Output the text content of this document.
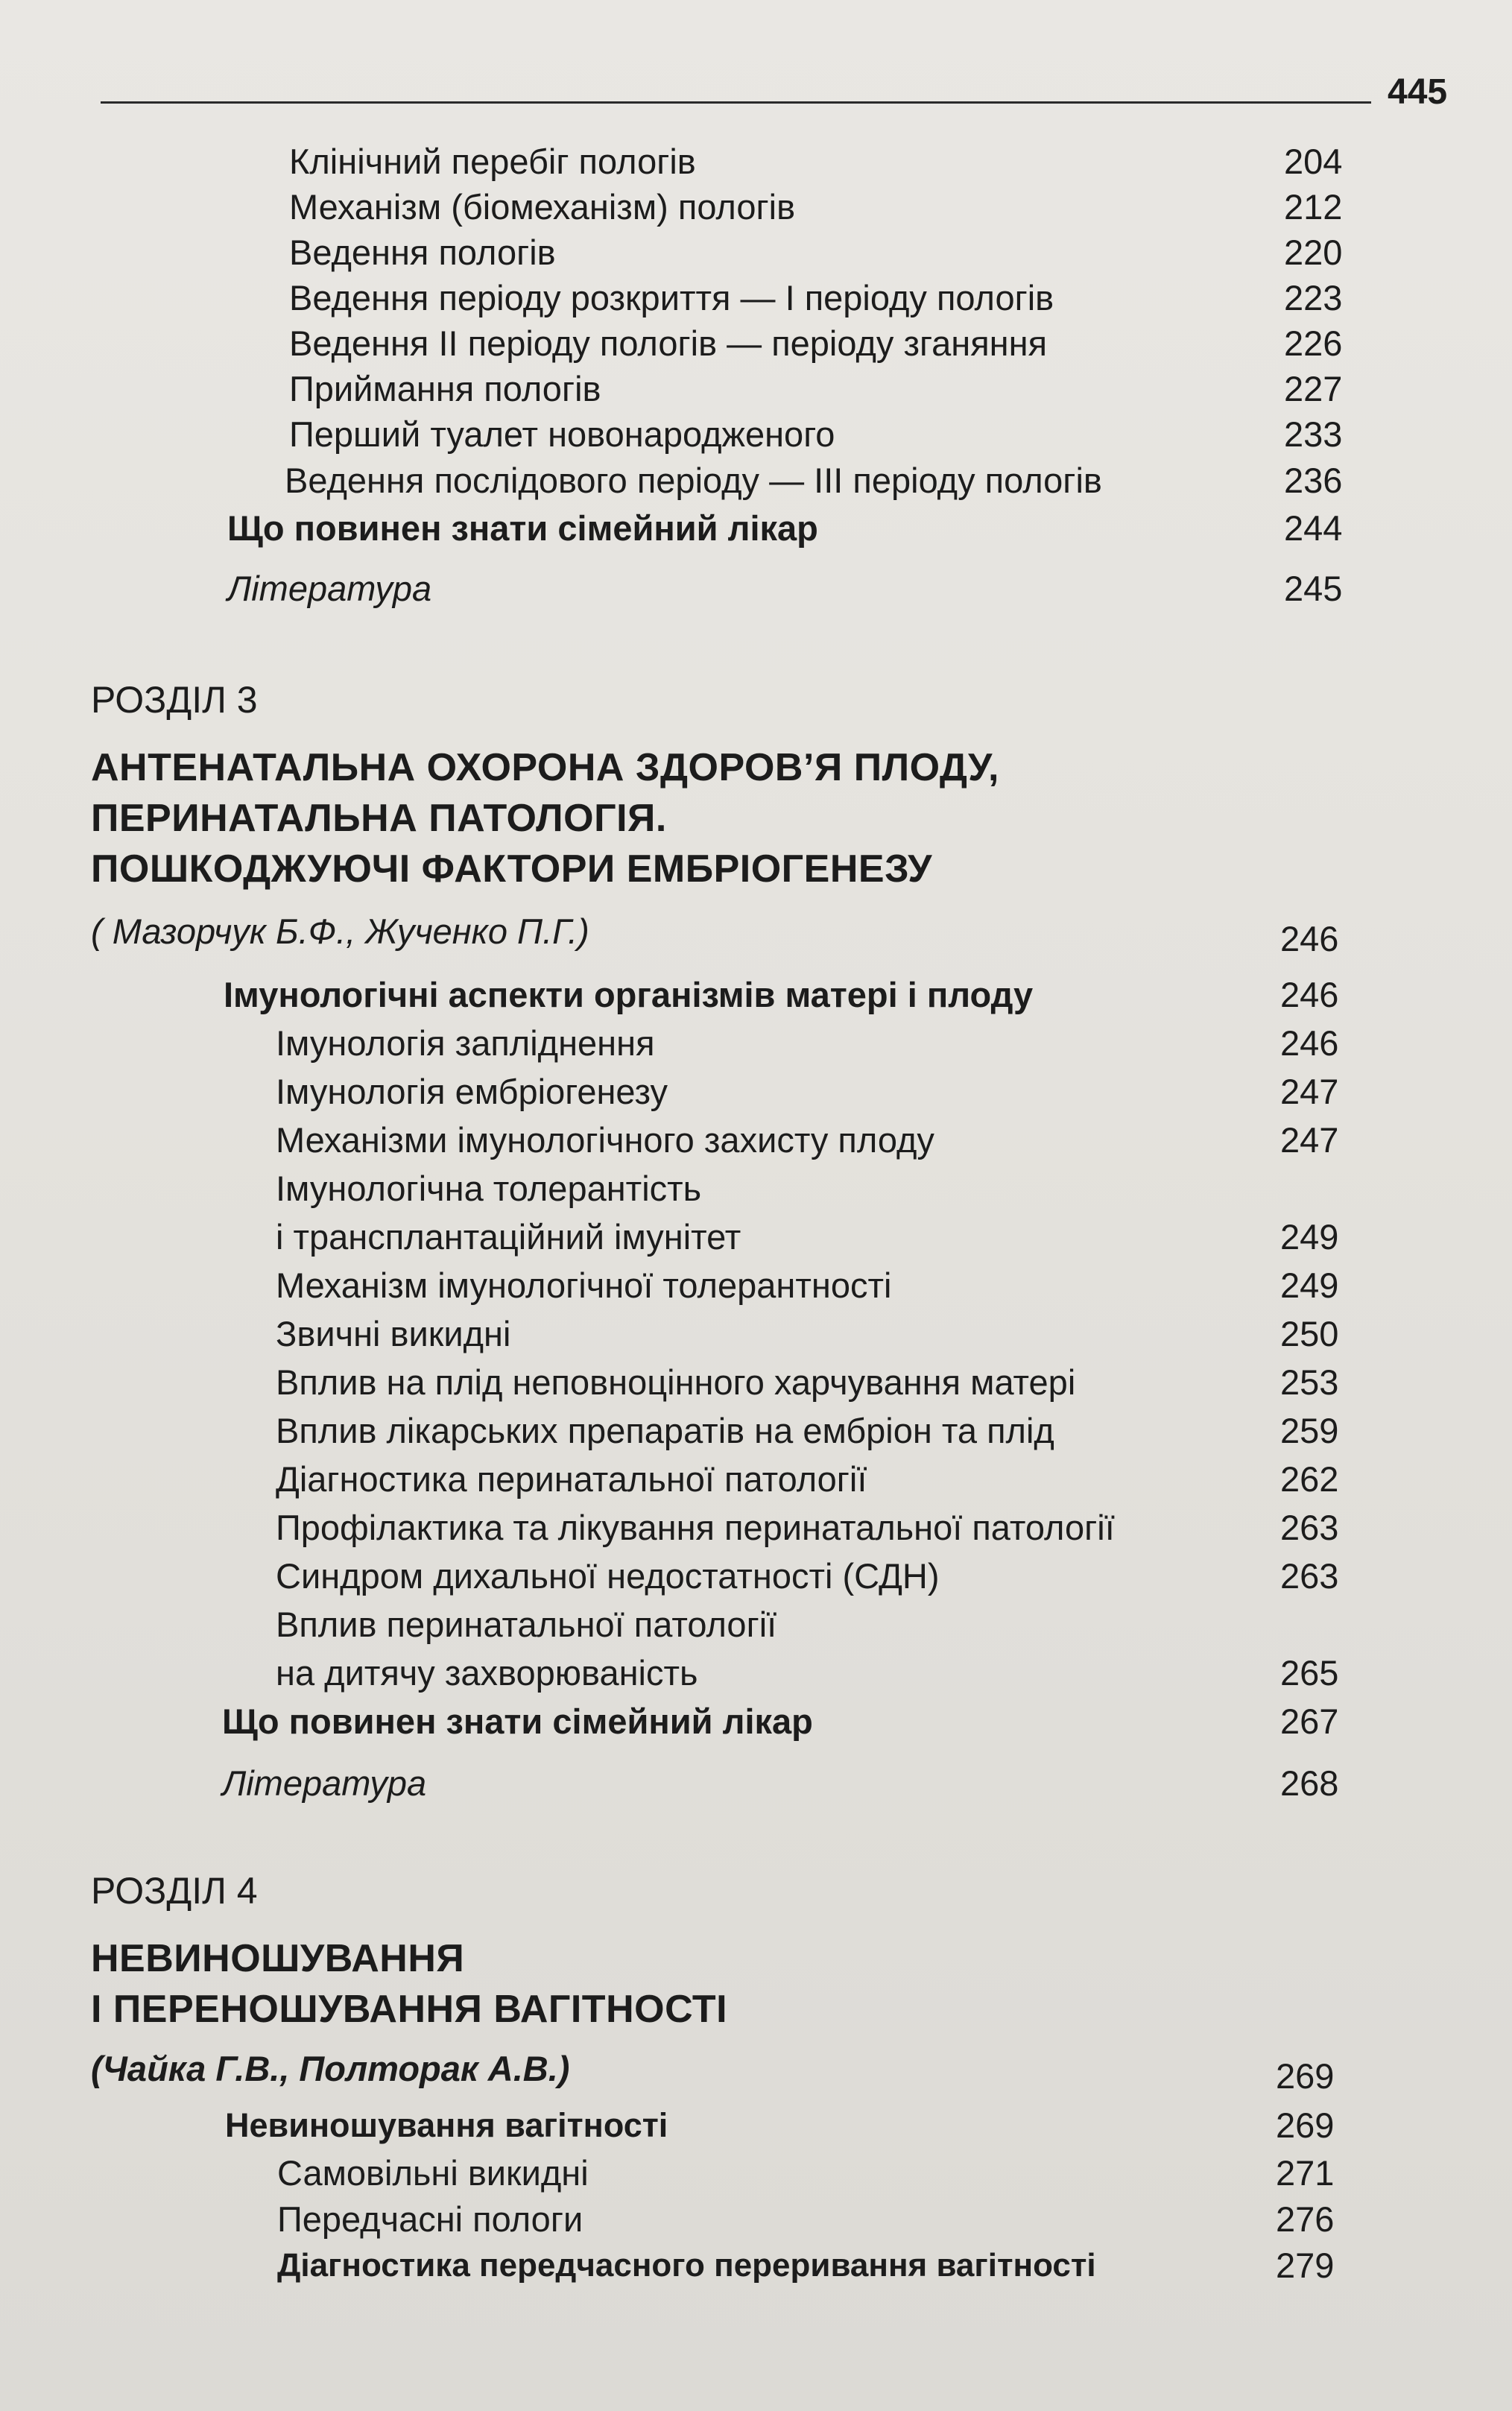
445
Клінічний перебіг пологів	204
Механізм (біомеханізм) пологів	212
Ведення пологів	220
Ведення періоду розкриття — І періоду пологів	223
Ведення ІІ періоду пологів — періоду зганяння	226
Приймання пологів	227
Перший туалет новонародженого	233
Ведення послідового періоду — ІІІ періоду пологів	236
Що повинен знати сімейний лікар	244
Література	245
РОЗДІЛ 3
АНТЕНАТАЛЬНА ОХОРОНА ЗДОРОВ’Я ПЛОДУ,
ПЕРИНАТАЛЬНА ПАТОЛОГІЯ.
ПОШКОДЖУЮЧІ ФАКТОРИ ЕМБРІОГЕНЕЗУ
( Мазорчук Б.Ф., Жученко П.Г.)	246
Імунологічні аспекти організмів матері і плоду	246
Імунологія запліднення	246
Імунологія ембріогенезу	247
Механізми імунологічного захисту плоду	247
Імунологічна толерантість
і трансплантаційний імунітет	249
Механізм імунологічної толерантності	249
Звичні викидні	250
Вплив на плід неповноцінного харчування матері	253
Вплив лікарських препаратів на ембріон та плід	259
Діагностика перинатальної патології	262
Профілактика та лікування перинатальної патології	263
Синдром дихальної недостатності (СДН)	263
Вплив перинатальної патології
на дитячу захворюваність	265
Що повинен знати сімейний лікар	267
Література	268
РОЗДІЛ 4
НЕВИНОШУВАННЯ
І ПЕРЕНОШУВАННЯ ВАГІТНОСТІ
(Чайка Г.В., Полторак А.В.)	269
Невиношування вагітності	269
Самовільні викидні	271
Передчасні пологи	276
Діагностика передчасного переривання вагітності	279
